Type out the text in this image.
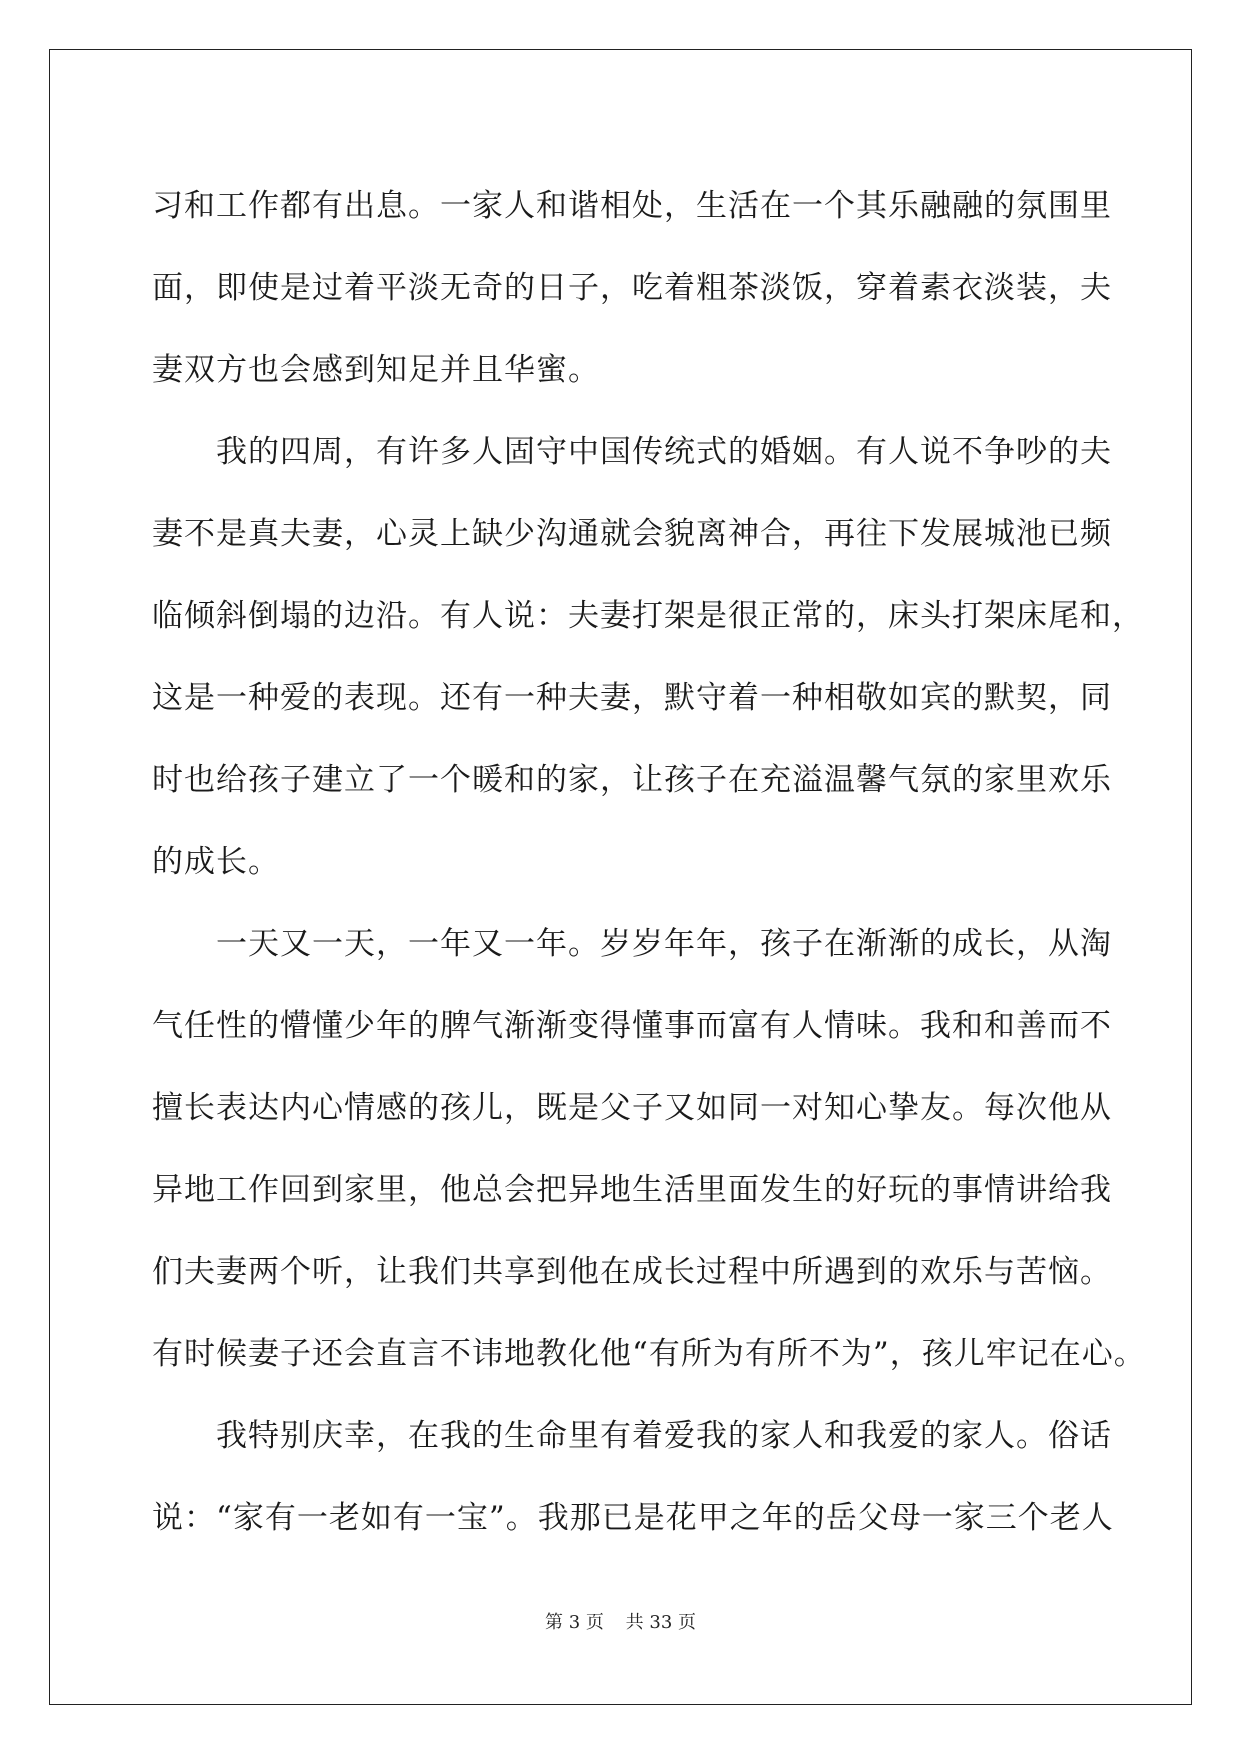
习和工作都有出息。一家人和谐相处，生活在一个其乐融融的氛围里

面，即使是过着平淡无奇的日子，吃着粗茶淡饭，穿着素衣淡装，夫

妻双方也会感到知足并且华蜜。

　　我的四周，有许多人固守中国传统式的婚姻。有人说不争吵的夫

妻不是真夫妻，心灵上缺少沟通就会貌离神合，再往下发展城池已频

临倾斜倒塌的边沿。有人说：夫妻打架是很正常的，床头打架床尾和，

这是一种爱的表现。还有一种夫妻，默守着一种相敬如宾的默契，同

时也给孩子建立了一个暖和的家，让孩子在充溢温馨气氛的家里欢乐

的成长。

　　一天又一天，一年又一年。岁岁年年，孩子在渐渐的成长，从淘

气任性的懵懂少年的脾气渐渐变得懂事而富有人情味。我和和善而不

擅长表达内心情感的孩儿，既是父子又如同一对知心挚友。每次他从

异地工作回到家里，他总会把异地生活里面发生的好玩的事情讲给我

们夫妻两个听，让我们共享到他在成长过程中所遇到的欢乐与苦恼。

有时候妻子还会直言不讳地教化他“有所为有所不为”，孩儿牢记在心。

　　我特别庆幸，在我的生命里有着爱我的家人和我爱的家人。俗话

说：“家有一老如有一宝”。我那已是花甲之年的岳父母一家三个老人

第 3 页 共 33 页
